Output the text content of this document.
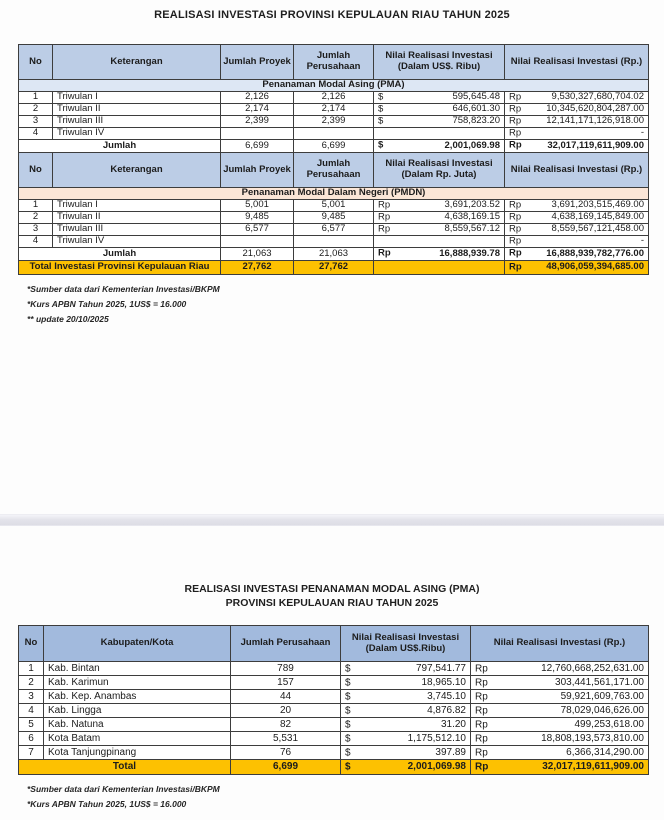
REALISASI INVESTASI PROVINSI KEPULAUAN RIAU TAHUN 2025
No	Keterangan	Jumlah Proyek	Jumlah Perusahaan	Nilai Realisasi Investasi (Dalam US$. Ribu)	Nilai Realisasi Investasi (Rp.)
Penanaman Modal Asing (PMA)					
1	Triwulan I	2,126	2,126	$ 595,645.48	Rp 9,530,327,680,704.02
2	Triwulan II	2,174	2,174	$ 646,601.30	Rp 10,345,620,804,287.00
3	Triwulan III	2,399	2,399	$ 758,823.20	Rp 12,141,171,126,918.00
4	Triwulan IV				Rp -
Jumlah		6,699	6,699	$ 2,001,069.98	Rp 32,017,119,611,909.00
No	Keterangan	Jumlah Proyek	Jumlah Perusahaan	Nilai Realisasi Investasi (Dalam Rp. Juta)	Nilai Realisasi Investasi (Rp.)
Penanaman Modal Dalam Negeri (PMDN)					
1	Triwulan I	5,001	5,001	Rp 3,691,203.52	Rp 3,691,203,515,469.00
2	Triwulan II	9,485	9,485	Rp 4,638,169.15	Rp 4,638,169,145,849.00
3	Triwulan III	6,577	6,577	Rp 8,559,567.12	Rp 8,559,567,121,458.00
4	Triwulan IV				Rp -
Jumlah		21,063	21,063	Rp 16,888,939.78	Rp 16,888,939,782,776.00
Total Investasi Provinsi Kepulauan Riau		27,762	27,762		Rp 48,906,059,394,685.00
*Sumber data dari Kementerian Investasi/BKPM
*Kurs APBN Tahun 2025, 1US$ = 16.000
** update 20/10/2025
REALISASI INVESTASI PENANAMAN MODAL ASING (PMA)
PROVINSI KEPULAUAN RIAU TAHUN 2025
No	Kabupaten/Kota	Jumlah Perusahaan	Nilai Realisasi Investasi (Dalam US$.Ribu)	Nilai Realisasi Investasi (Rp.)
1	Kab. Bintan	789	$ 797,541.77	Rp 12,760,668,252,631.00
2	Kab. Karimun	157	$ 18,965.10	Rp 303,441,561,171.00
3	Kab. Kep. Anambas	44	$ 3,745.10	Rp 59,921,609,763.00
4	Kab. Lingga	20	$ 4,876.82	Rp 78,029,046,626.00
5	Kab. Natuna	82	$ 31.20	Rp 499,253,618.00
6	Kota Batam	5,531	$ 1,175,512.10	Rp 18,808,193,573,810.00
7	Kota Tanjungpinang	76	$ 397.89	Rp 6,366,314,290.00
Total		6,699	$ 2,001,069.98	Rp 32,017,119,611,909.00
*Sumber data dari Kementerian Investasi/BKPM
*Kurs APBN Tahun 2025, 1US$ = 16.000
